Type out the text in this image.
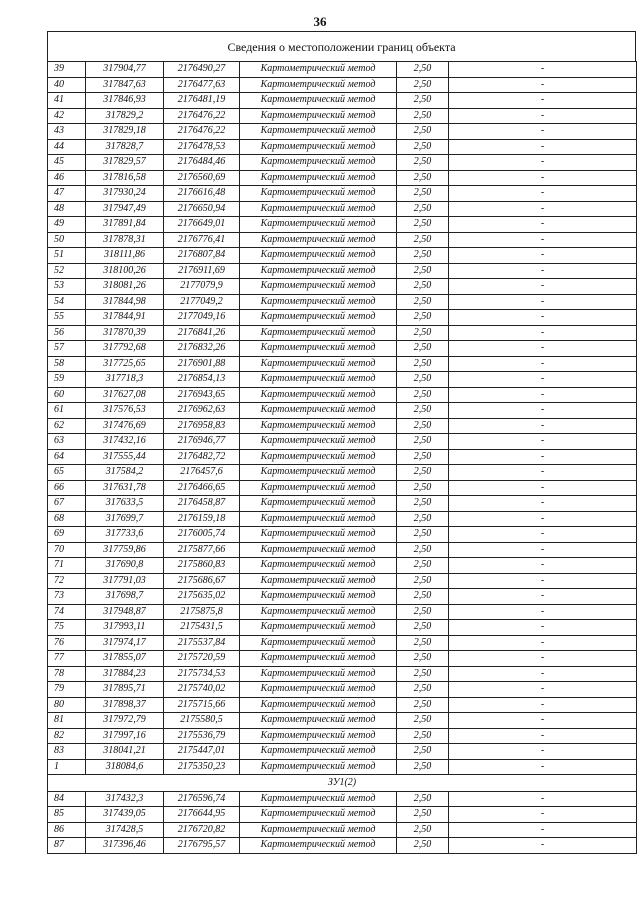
36
Сведения о местоположении границ объекта
39	317904,77	2176490,27	Картометрический метод	2,50	-
40	317847,63	2176477,63	Картометрический метод	2,50	-
41	317846,93	2176481,19	Картометрический метод	2,50	-
42	317829,2	2176476,22	Картометрический метод	2,50	-
43	317829,18	2176476,22	Картометрический метод	2,50	-
44	317828,7	2176478,53	Картометрический метод	2,50	-
45	317829,57	2176484,46	Картометрический метод	2,50	-
46	317816,58	2176560,69	Картометрический метод	2,50	-
47	317930,24	2176616,48	Картометрический метод	2,50	-
48	317947,49	2176650,94	Картометрический метод	2,50	-
49	317891,84	2176649,01	Картометрический метод	2,50	-
50	317878,31	2176776,41	Картометрический метод	2,50	-
51	318111,86	2176807,84	Картометрический метод	2,50	-
52	318100,26	2176911,69	Картометрический метод	2,50	-
53	318081,26	2177079,9	Картометрический метод	2,50	-
54	317844,98	2177049,2	Картометрический метод	2,50	-
55	317844,91	2177049,16	Картометрический метод	2,50	-
56	317870,39	2176841,26	Картометрический метод	2,50	-
57	317792,68	2176832,26	Картометрический метод	2,50	-
58	317725,65	2176901,88	Картометрический метод	2,50	-
59	317718,3	2176854,13	Картометрический метод	2,50	-
60	317627,08	2176943,65	Картометрический метод	2,50	-
61	317576,53	2176962,63	Картометрический метод	2,50	-
62	317476,69	2176958,83	Картометрический метод	2,50	-
63	317432,16	2176946,77	Картометрический метод	2,50	-
64	317555,44	2176482,72	Картометрический метод	2,50	-
65	317584,2	2176457,6	Картометрический метод	2,50	-
66	317631,78	2176466,65	Картометрический метод	2,50	-
67	317633,5	2176458,87	Картометрический метод	2,50	-
68	317699,7	2176159,18	Картометрический метод	2,50	-
69	317733,6	2176005,74	Картометрический метод	2,50	-
70	317759,86	2175877,66	Картометрический метод	2,50	-
71	317690,8	2175860,83	Картометрический метод	2,50	-
72	317791,03	2175686,67	Картометрический метод	2,50	-
73	317698,7	2175635,02	Картометрический метод	2,50	-
74	317948,87	2175875,8	Картометрический метод	2,50	-
75	317993,11	2175431,5	Картометрический метод	2,50	-
76	317974,17	2175537,84	Картометрический метод	2,50	-
77	317855,07	2175720,59	Картометрический метод	2,50	-
78	317884,23	2175734,53	Картометрический метод	2,50	-
79	317895,71	2175740,02	Картометрический метод	2,50	-
80	317898,37	2175715,66	Картометрический метод	2,50	-
81	317972,79	2175580,5	Картометрический метод	2,50	-
82	317997,16	2175536,79	Картометрический метод	2,50	-
83	318041,21	2175447,01	Картометрический метод	2,50	-
1	318084,6	2175350,23	Картометрический метод	2,50	-
ЗУ1(2)					
84	317432,3	2176596,74	Картометрический метод	2,50	-
85	317439,05	2176644,95	Картометрический метод	2,50	-
86	317428,5	2176720,82	Картометрический метод	2,50	-
87	317396,46	2176795,57	Картометрический метод	2,50	-
